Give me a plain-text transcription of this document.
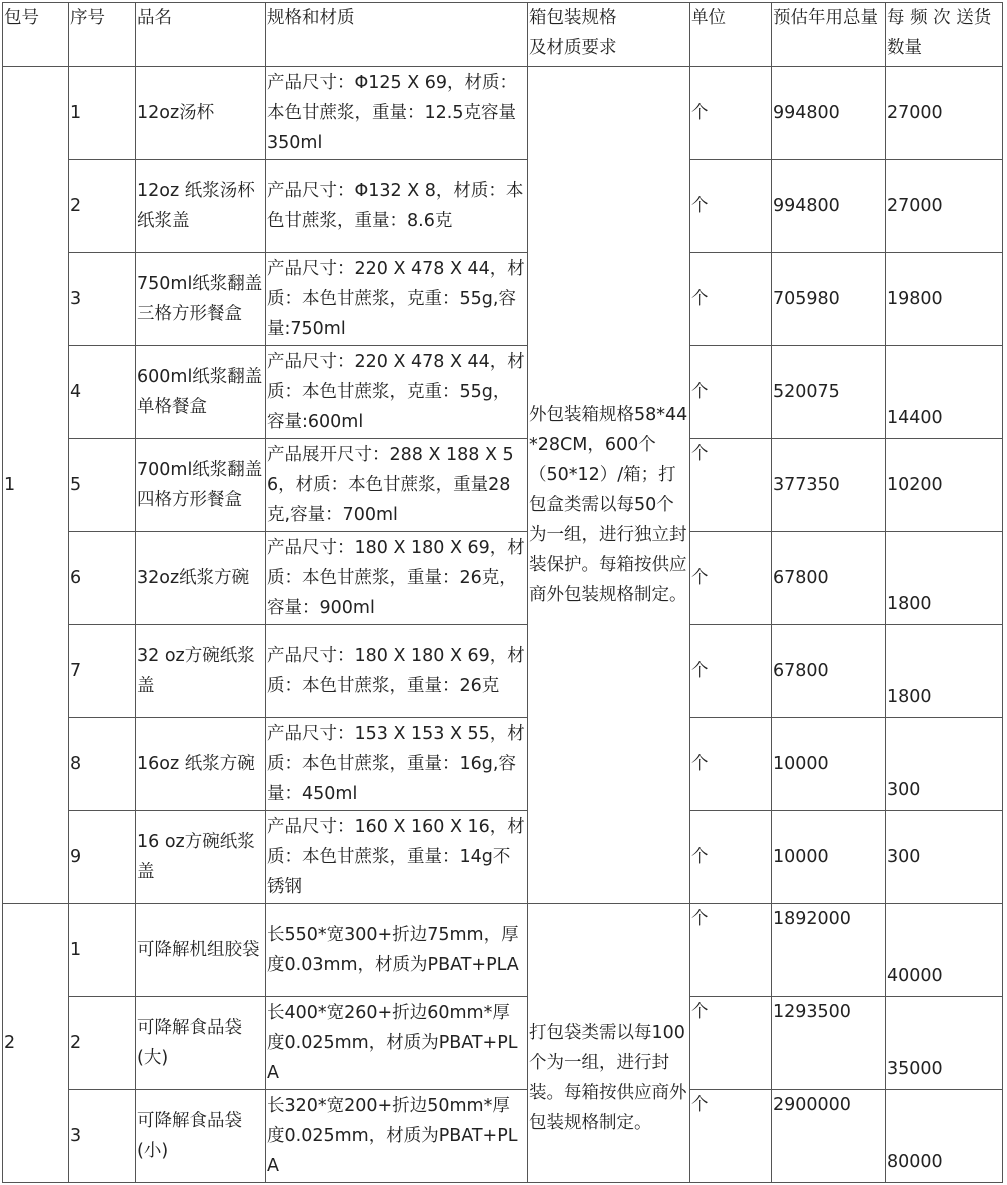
包号	序号	品名	规格和材质	箱包装规格
及材质要求	单位	预估年用总量	每 频 次 送货数量
1	1	12oz汤杯	产品尺寸：Φ125 X 69，材质：本色甘蔗浆，重量：12.5克容量350ml	外包装箱规格58*44*28CM，600个
（50*12）/箱；打包盒类需以每50个为一组，进行独立封装保护。每箱按供应商外包装规格制定。	个	994800	27000
	2	12oz 纸浆汤杯纸浆盖	产品尺寸：Φ132 X 8，材质：本色甘蔗浆，重量：8.6克		个	994800	27000
	3	750ml纸浆翻盖三格方形餐盒	产品尺寸：220 X 478 X 44，材质：本色甘蔗浆，克重：55g,容量:750ml		个	705980	19800
	4	600ml纸浆翻盖单格餐盒	产品尺寸：220 X 478 X 44，材质：本色甘蔗浆，克重：55g，容量:600ml		个	520075	14400
	5	700ml纸浆翻盖四格方形餐盒	产品展开尺寸：288 X 188 X 56，材质：本色甘蔗浆，重量28克,容量：700ml		个	377350	10200
	6	32oz纸浆方碗	产品尺寸：180 X 180 X 69，材质：本色甘蔗浆，重量：26克，容量：900ml		个	67800	1800
	7	32 oz方碗纸浆盖	产品尺寸：180 X 180 X 69，材质：本色甘蔗浆，重量：26克		个	67800	1800
	8	16oz 纸浆方碗	产品尺寸：153 X 153 X 55，材质：本色甘蔗浆，重量：16g,容量：450ml		个	10000	300
	9	16 oz方碗纸浆盖	产品尺寸：160 X 160 X 16，材质：本色甘蔗浆，重量：14g不锈钢		个	10000	300
2	1	可降解机组胶袋	长550*宽300+折边75mm，厚度0.03mm，材质为PBAT+PLA	打包袋类需以每100个为一组，进行封装。每箱按供应商外包装规格制定。	个	1892000	40000
	2	可降解食品袋(大)	长400*宽260+折边60mm*厚度0.025mm，材质为PBAT+PLA		个	1293500	35000
	3	可降解食品袋(小)	长320*宽200+折边50mm*厚度0.025mm，材质为PBAT+PLA		个	2900000	80000
